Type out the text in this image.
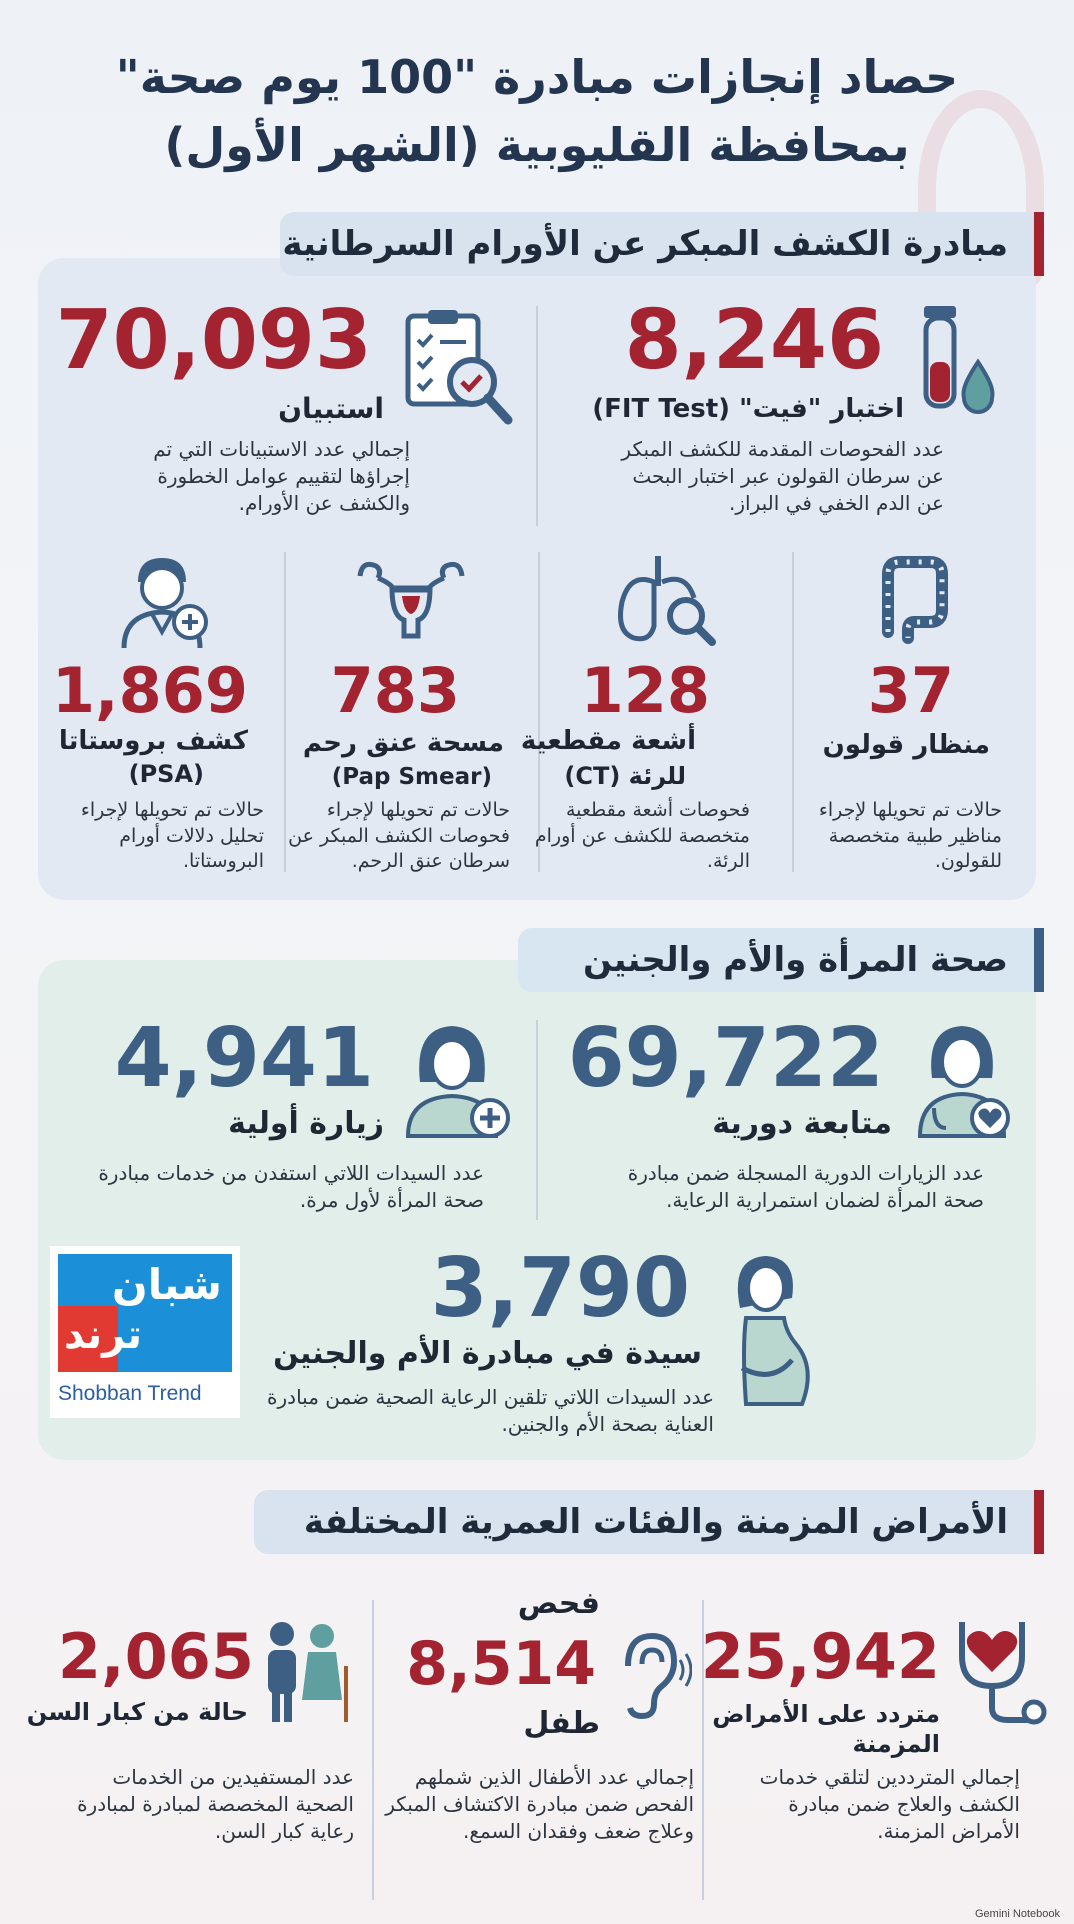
حصاد إنجازات مبادرة "100 يوم صحة"
بمحافظة القليوبية (الشهر الأول)
مبادرة الكشف المبكر عن الأورام السرطانية
8,246
اختبار "فيت" (FIT Test)
عدد الفحوصات المقدمة للكشف المبكر عن سرطان القولون عبر اختبار البحث عن الدم الخفي في البراز.
70,093
استبيان
إجمالي عدد الاستبيانات التي تم إجراؤها لتقييم عوامل الخطورة والكشف عن الأورام.
37
منظار قولون
حالات تم تحويلها لإجراء مناظير طبية متخصصة للقولون.
128
أشعة مقطعية
للرئة (CT)
فحوصات أشعة مقطعية متخصصة للكشف عن أورام الرئة.
783
مسحة عنق رحم
(Pap Smear)
حالات تم تحويلها لإجراء فحوصات الكشف المبكر عن سرطان عنق الرحم.
1,869
كشف بروستاتا
(PSA)
حالات تم تحويلها لإجراء تحليل دلالات أورام البروستاتا.
صحة المرأة والأم والجنين
69,722
متابعة دورية
عدد الزيارات الدورية المسجلة ضمن مبادرة صحة المرأة لضمان استمرارية الرعاية.
4,941
زيارة أولية
عدد السيدات اللاتي استفدن من خدمات مبادرة صحة المرأة لأول مرة.
3,790
سيدة في مبادرة الأم والجنين
عدد السيدات اللاتي تلقين الرعاية الصحية ضمن مبادرة العناية بصحة الأم والجنين.
شبان
ترند
Shobban Trend
الأمراض المزمنة والفئات العمرية المختلفة
25,942
متردد على الأمراض
المزمنة
إجمالي المترددين لتلقي خدمات الكشف والعلاج ضمن مبادرة الأمراض المزمنة.
فحص
8,514
طفل
إجمالي عدد الأطفال الذين شملهم الفحص ضمن مبادرة الاكتشاف المبكر وعلاج ضعف وفقدان السمع.
2,065
حالة من كبار السن
عدد المستفيدين من الخدمات الصحية المخصصة لمبادرة لمبادرة رعاية كبار السن.
Gemini Notebook
